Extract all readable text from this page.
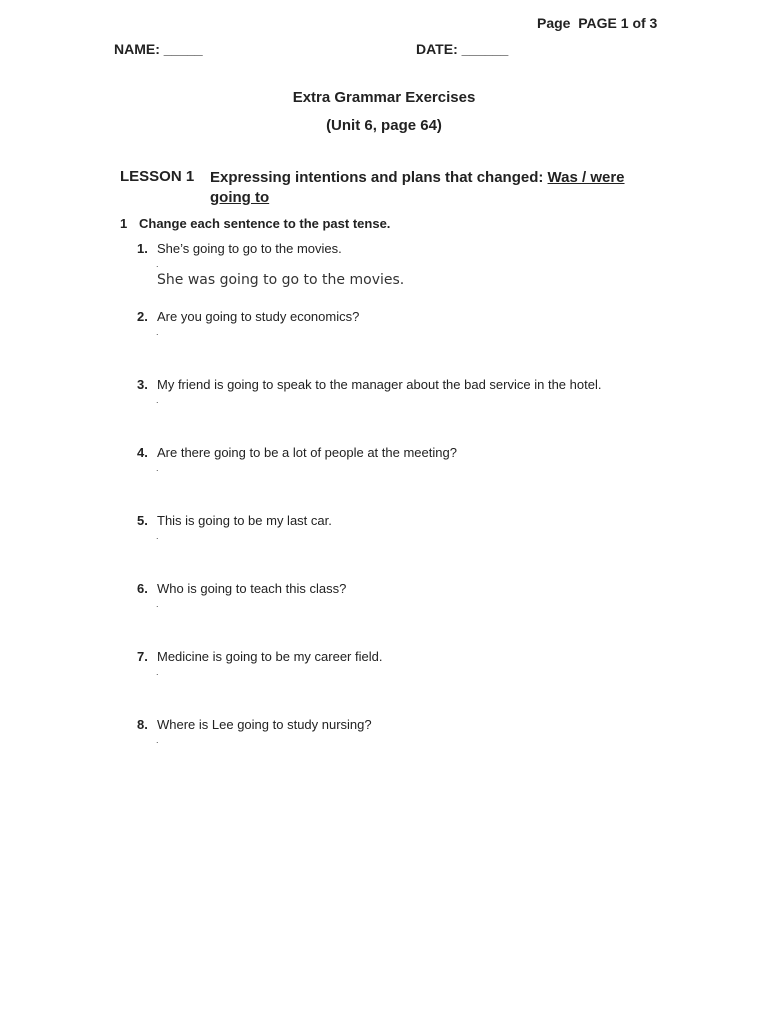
Page  PAGE 1 of 3
NAME: _____	DATE: ______
Extra Grammar Exercises
(Unit 6, page 64)
LESSON 1 Expressing intentions and plans that changed: Was / were going to
1 Change each sentence to the past tense.
1. She’s going to go to the movies.
.
She was going to go to the movies.
2. Are you going to study economics?
.
3. My friend is going to speak to the manager about the bad service in the hotel.
.
4. Are there going to be a lot of people at the meeting?
.
5. This is going to be my last car.
.
6. Who is going to teach this class?
.
7. Medicine is going to be my career field.
.
8. Where is Lee going to study nursing?
.
